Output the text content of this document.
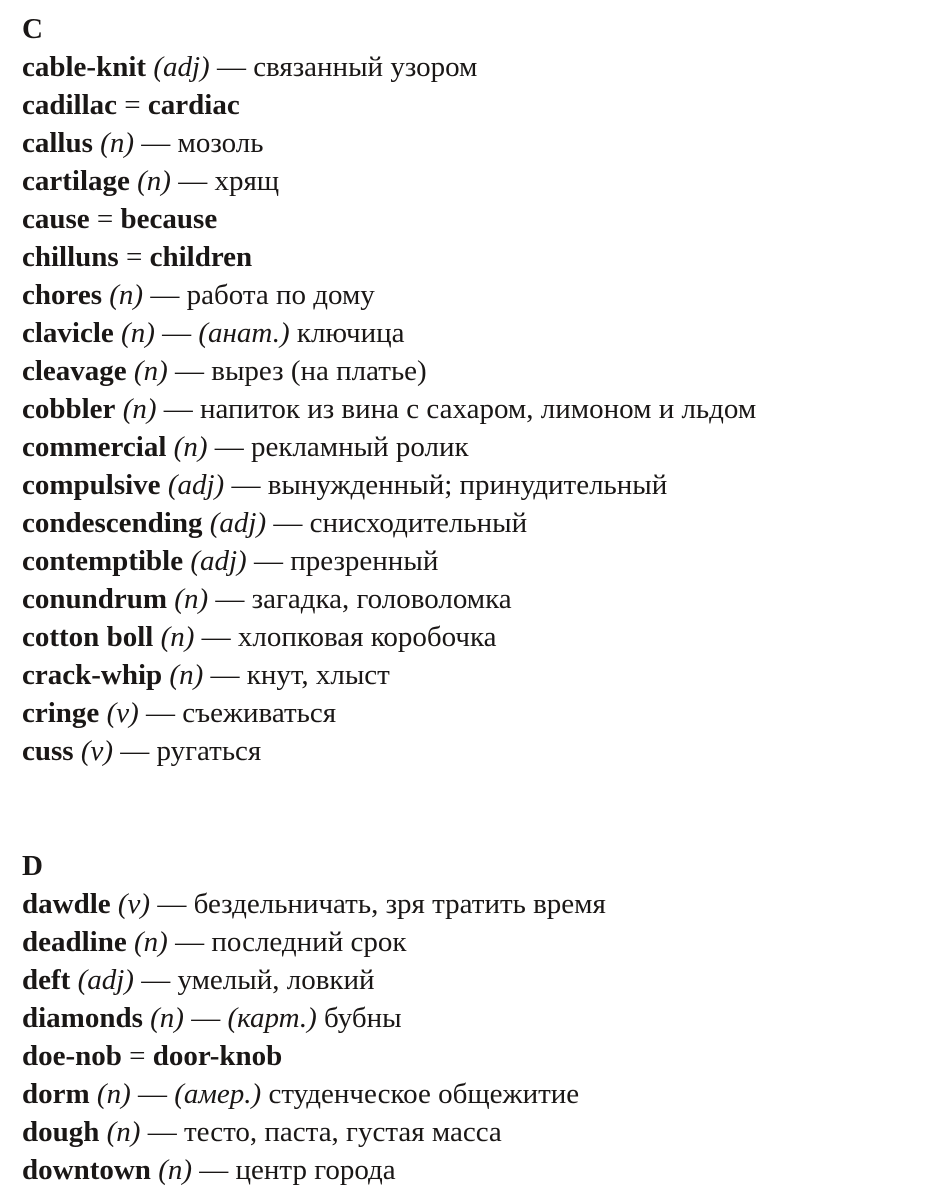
C

cable-knit (adj) — связанный узором

cadillac = cardiac

callus (n) — мозоль

cartilage (n) — хрящ

cause = because

chilluns = children

chores (n) — работа по дому

clavicle (n) — (анат.) ключица

cleavage (n) — вырез (на платье)

cobbler (n) — напиток из вина с сахаром, лимоном и льдом

commercial (n) — рекламный ролик

compulsive (adj) — вынужденный; принудительный

condescending (adj) — снисходительный

contemptible (adj) — презренный

conundrum (n) — загадка, головоломка

cotton boll (n) — хлопковая коробочка

crack-whip (n) — кнут, хлыст

cringe (v) — съеживаться

cuss (v) — ругаться

D

dawdle (v) — бездельничать, зря тратить время

deadline (n) — последний срок

deft (adj) — умелый, ловкий

diamonds (n) — (карт.) бубны

doe-nob = door-knob

dorm (n) — (амер.) студенческое общежитие

dough (n) — тесто, паста, густая масса

downtown (n) — центр города
